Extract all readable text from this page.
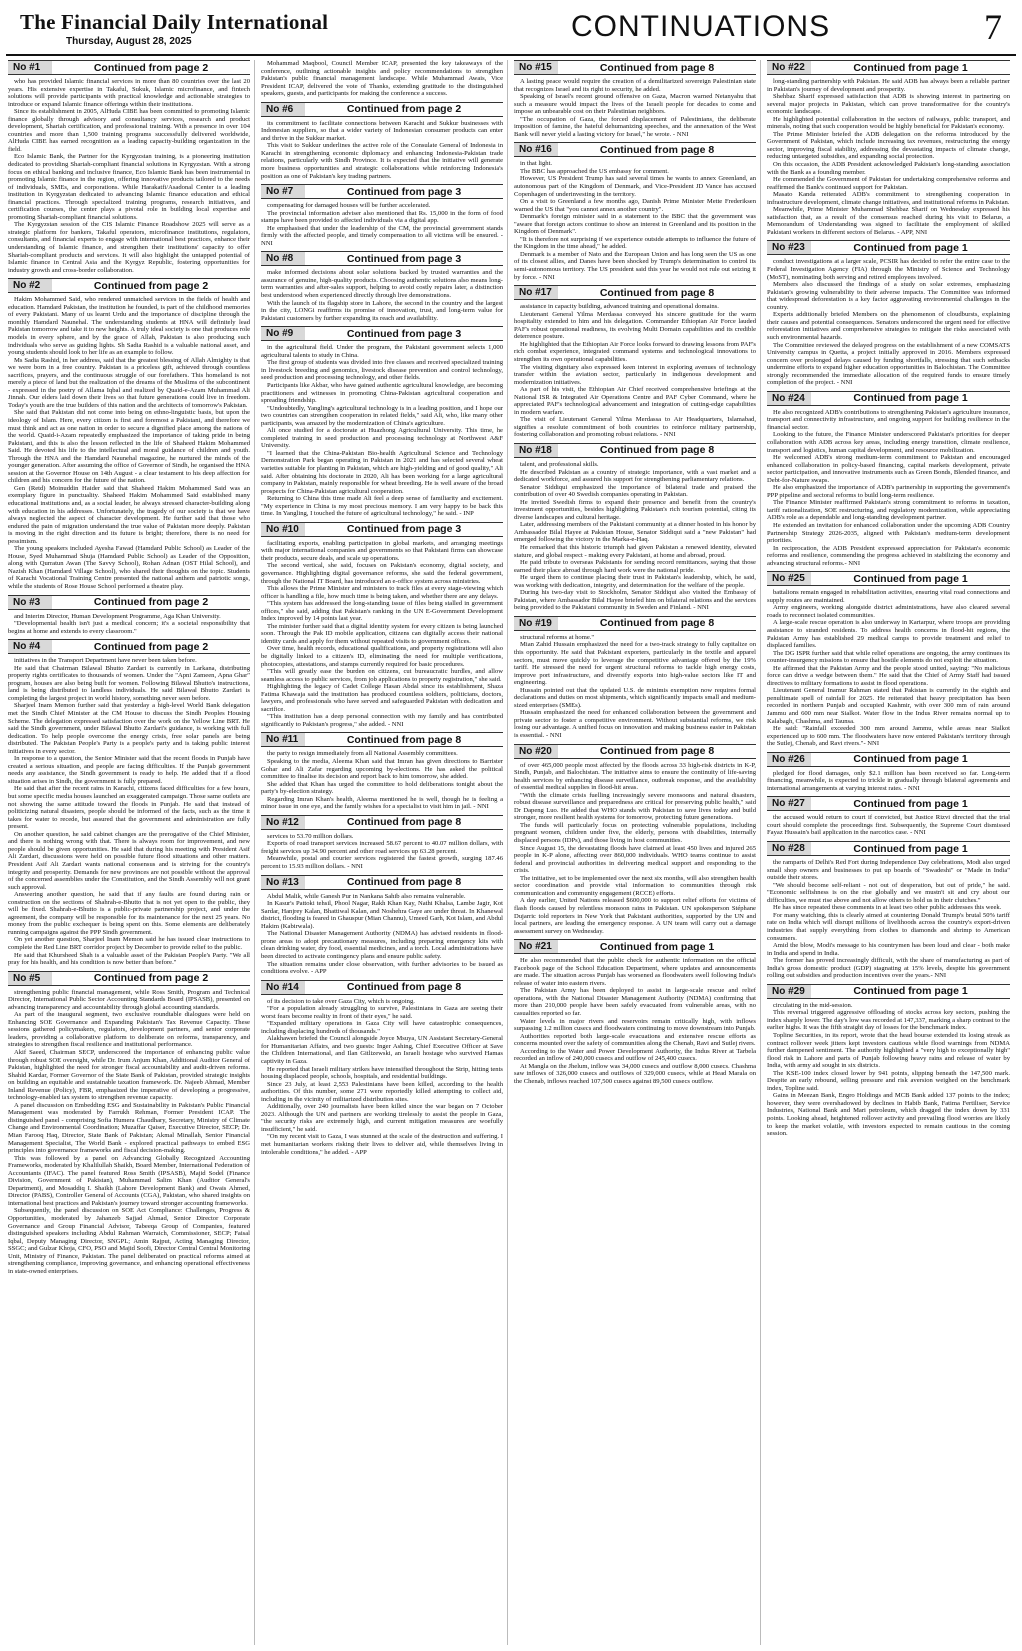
The Financial Daily International
Thursday, August 28, 2025	CONTINUATIONS	7
No #1	Continued from page 2

who has provided Islamic financial services in more than 80 countries over the last 20 years. His extensive expertise in Takaful, Sukuk, Islamic microfinance, and fintech solutions will provide participants with practical knowledge and actionable strategies to introduce or expand Islamic finance offerings within their institutions.

Since its establishment in 2005, AlHuda CIBE has been committed to promoting Islamic finance globally through advisory and consultancy services, research and product development, Shariah certification, and professional training. With a presence in over 104 countries and more than 1,500 training programs successfully delivered worldwide, AlHuda CIBE has earned recognition as a leading capacity-building organization in the field.

Eco Islamic Bank, the Partner for the Kyrgyzstan training, is a pioneering institution dedicated to providing Shariah-compliant financial solutions in Kyrgyzstan. With a strong focus on ethical banking and inclusive finance, Eco Islamic Bank has been instrumental in promoting Islamic finance in the region, offering innovative products tailored to the needs of individuals, SMEs, and corporations. While Harakatfi/Asadonal Center is a leading institution in Kyrgyzstan dedicated to advancing Islamic finance education and ethical financial practices. Through specialized training programs, research initiatives, and certification courses, the center plays a pivotal role in building local expertise and promoting Shariah-compliant financial solutions.

The Kyrgyzstan session of the CIS Islamic Finance Roadshow 2025 will serve as a strategic platform for bankers, Takaful operators, microfinance institutions, regulators, consultants, and financial experts to engage with international best practices, enhance their understanding of Islamic finance, and strengthen their institutions' capacity to offer Shariah-compliant products and services. It will also highlight the untapped potential of Islamic finance in Central Asia and the Kyrgyz Republic, fostering opportunities for industry growth and cross-border collaboration.

No #2	Continued from page 2

Hakim Mohammed Said, who rendered unmatched services in the fields of health and education. Hamdard Pakistan, the institution he founded, is part of the childhood memories of every Pakistani. Many of us learnt Urdu and the importance of discipline through the monthly Hamdard Naunehal. The understanding students at HNA will definitely lead Pakistan tomorrow and take it to new heights. A truly ideal society is one that produces role models in every sphere, and by the grace of Allah, Pakistan is also producing such individuals who serve as guiding lights. Sh Sadia Rashid is a valuable national asset, and young students should look to her life as an example to follow.

Ms Sadia Rashid, in her address, said that the greatest blessing of Allah Almighty is that we were born in a free country. Pakistan is a priceless gift, achieved through countless sacrifices, prayers, and the continuous struggle of our forefathers. This homeland is not merely a piece of land but the realization of the dreams of the Muslims of the subcontinent - expressed in the poetry of Allama Iqbal and realized by Quaid-e-Azam Muhammad Ali Jinnah. Our elders laid down their lives so that future generations could live in freedom. Today's youth are the true builders of this nation and the architects of tomorrow's Pakistan.

She said that Pakistan did not come into being on ethno-linguistic basis, but upon the ideology of Islam. Here, every citizen is first and foremost a Pakistani, and therefore we must think and act as one nation in order to secure a dignified place among the nations of the world. Quaid-i-Azam repeatedly emphasized the importance of taking pride in being Pakistani, and this is also the lesson reflected in the life of Shaheed Hakim Mohammed Said. He devoted his life to the intellectual and moral guidance of children and youth. Through the HNA and the Hamdard Naunehal magazine, he nurtured the minds of the younger generation. After assuming the office of Governor of Sindh, he organised the HNA session at the Governor House on 14th August - a clear testament to his deep affection for children and his concern for the future of the nation.

Gen (Retd) Moinuddin Haider said that Shaheed Hakim Mohammed Said was an exemplary figure in punctuality. Shaheed Hakim Mohammed Said established many educational institutions and, as a social leader, he always stressed character-building along with education in his addresses. Unfortunately, the tragedy of our society is that we have always neglected the aspect of character development. He further said that those who endured the pain of migration understand the true value of Pakistan more deeply. Pakistan is moving in the right direction and its future is bright; therefore, there is no need for pessimism.

The young speakers included Ayesha Fawad (Hamdard Public School) as Leader of the House, Syed Muhammad Shuja (Hamdard Public School) as Leader of the Opposition, along with Qurratun Awan (The Savvy School), Rohan Adnan (OST Hilal School), and Nazish Khan (Hamdard Village School), who shared their thoughts on the topic. Students of Karachi Vocational Training Centre presented the national anthem and patriotic songs, while the students of Rose House School performed a theatre play.

No #3	Continued from page 2

and Interim Director, Human Development Programme, Aga Khan University.

"Developmental health isn't just a medical concern; it's a societal responsibility that begins at home and extends to every classroom."

No #4	Continued from page 2

initiatives in the Transport Department have never been taken before.

He said that Chairman Bilawal Bhutto Zardari is currently in Larkana, distributing property rights certificates to thousands of women. Under the "Apni Zameen, Apna Ghar" program, houses are also being built for women. Following Bilawal Bhutto's instructions, land is being distributed to landless individuals. He said Bilawal Bhutto Zardari is completing the largest project in world history, something never seen before.

Sharjeel Inam Memon further said that yesterday a high-level World Bank delegation met the Sindh Chief Minister at the CM House to discuss the Sindh Peoples Housing Scheme. The delegation expressed satisfaction over the work on the Yellow Line BRT. He said the Sindh government, under Bilawal Bhutto Zardari's guidance, is working with full dedication. To help people overcome the energy crisis, free solar panels are being distributed. The Pakistan People's Party is a people's party and is taking public interest initiatives in every sector.

In response to a question, the Senior Minister said that the recent floods in Punjab have created a serious situation, and people are facing difficulties. If the Punjab government needs any assistance, the Sindh government is ready to help. He added that if a flood situation arises in Sindh, the government is fully prepared.

He said that after the recent rains in Karachi, citizens faced difficulties for a few hours, but some specific media houses launched an exaggerated campaign. Those same outlets are not showing the same attitude toward the floods in Punjab. He said that instead of politicizing natural disasters, people should be informed of the facts, such as the time it takes for water to recede, but assured that the government and administration are fully present.

On another question, he said cabinet changes are the prerogative of the Chief Minister, and there is nothing wrong with that. There is always room for improvement, and new people should be given opportunities. He said that during his meeting with President Asif Ali Zardari, discussions were held on possible future flood situations and other matters. President Asif Ali Zardari wants national consensus and is striving for the country's integrity and prosperity. Demands for new provinces are not possible without the approval of the concerned assemblies under the Constitution, and the Sindh Assembly will not grant such approval.

Answering another question, he said that if any faults are found during rain or construction on the sections of Shahrah-e-Bhutto that is not yet open to the public, they will be fixed. Shahrah-e-Bhutto is a public-private partnership project, and under the agreement, the company will be responsible for its maintenance for the next 25 years. No money from the public exchequer is being spent on this. Some elements are deliberately running campaigns against the PPP Sindh government.

On yet another question, Sharjeel Inam Memon said he has issued clear instructions to complete the Red Line BRT corridor project by December to provide relief to the public.

He said that Khursheed Shah is a valuable asset of the Pakistan People's Party. "We all pray for his health, and his condition is now better than before."

No #5	Continued from page 2

strengthening public financial management, while Ross Smith, Program and Technical Director, International Public Sector Accounting Standards Board (IPSASB), presented on advancing transparency and accountability through global accounting standards.

As part of the inaugural segment, two exclusive roundtable dialogues were held on Enhancing SOE Governance and Expanding Pakistan's Tax Revenue Capacity. These sessions gathered policymakers, regulators, development partners, and senior corporate leaders, providing a collaborative platform to deliberate on reforms, transparency, and strategies to strengthen fiscal resilience and institutional performance.

Akif Saeed, Chairman SECP, underscored the importance of enhancing public value through robust SOE oversight, while Dr. Irum Anjum Khan, Additional Auditor General of Pakistan, highlighted the need for stronger fiscal accountability and audit-driven reforms. Shahid Kardar, Former Governor of the State Bank of Pakistan, provided strategic insights on building an equitable and sustainable taxation framework. Dr. Najeeb Ahmad, Member Inland Revenue (Policy), FBR, emphasized the imperative of developing a progressive, technology-enabled tax system to strengthen revenue capacity.

A panel discussion on Embedding ESG and Sustainability in Pakistan's Public Financial Management was moderated by Farrukh Rehman, Former President ICAP. The distinguished panel - comprising Sofia Humera Chaudhary, Secretary, Ministry of Climate Change and Environmental Coordination; Muzaffar Qaiser, Executive Director, SECP; Dr. Mian Farooq Haq, Director, State Bank of Pakistan; Akmal Minallah, Senior Financial Management Specialist, The World Bank - explored practical pathways to embed ESG principles into governance frameworks and fiscal decision-making.

This was followed by a panel on Advancing Globally Recognized Accounting Frameworks, moderated by Khalilullah Shaikh, Board Member, International Federation of Accountants (IFAC). The panel featured Ross Smith (IPSASB), Majid Sodel (Finance Division, Government of Pakistan), Muhammad Salim Khan (Auditor General's Department), and Mosaddiq I. Shaikh (Lahore Development Bank) and Owais Ahmed, Director (PABS), Controller General of Accounts (CGA), Pakistan, who shared insights on international best practices and Pakistan's journey toward stronger accounting frameworks.

Subsequently, the panel discussion on SOE Act Compliance: Challenges, Progress & Opportunities, moderated by Jahanzeb Sajjad Ahmad, Senior Director Corporate Governance and Group Financial Advisor, Tabeeqa Group of Companies, featured distinguished speakers including Abdul Rahman Warraich, Commissioner, SECP; Faisal Iqbal, Deputy Managing Director, SNGPL; Amin Rajput, Acting Managing Director, SSGC; and Gulzar Khoja, CFO, PSO and Majid Soofi, Director Central Central Monitoring Unit, Ministry of Finance, Pakistan. The panel deliberated on practical reforms aimed at strengthening compliance, improving governance, and enhancing operational effectiveness in state-owned enterprises.

Mohammad Maqbool, Council Member ICAP, presented the key takeaways of the conference, outlining actionable insights and policy recommendations to strengthen Pakistan's public financial management landscape. While Muhammad Awais, Vice President ICAP, delivered the vote of Thanks, extending gratitude to the distinguished speakers, guests, and participants for making the conference a success.

No #6	Continued from page 2

its commitment to facilitate connections between Karachi and Sukkur businesses with Indonesian suppliers, so that a wider variety of Indonesian consumer products can enter and thrive in the Sukkur market.

This visit to Sukkur underlines the active role of the Consulate General of Indonesia in Karachi in strengthening economic diplomacy and enhancing Indonesia-Pakistan trade relations, particularly with Sindh Province. It is expected that the initiative will generate more business opportunities and strategic collaborations while reinforcing Indonesia's position as one of Pakistan's key trading partners.

No #7	Continued from page 3

compensating for damaged houses will be further accelerated.

The provincial information adviser also mentioned that Rs. 15,000 in the form of food stamps have been provided to affected individuals via a digital app.

He emphasised that under the leadership of the CM, the provincial government stands firmly with the affected people, and timely compensation to all victims will be ensured. - NNI

No #8	Continued from page 3

make informed decisions about solar solutions backed by trusted warranties and the assurance of genuine, high-quality products. Choosing authentic solutions also means long-term warranties and after-sales support, helping to avoid costly repairs later, a distinction best understood when experienced directly through live demonstrations.

With the launch of its flagship store in Lahore, the second in the country and the largest in the city, LONGi reaffirms its promise of innovation, trust, and long-term value for Pakistani customers by further expanding its reach and availability.

No #9	Continued from page 3

in the agricultural field. Under the program, the Pakistani government selects 1,000 agricultural talents to study in China.

The first group of students was divided into five classes and received specialized training in livestock breeding and genomics, livestock disease prevention and control technology, seed production and processing technology, and other fields.

Participants like Akbar, who have gained authentic agricultural knowledge, are becoming practitioners and witnesses in promoting China-Pakistan agricultural cooperation and spreading friendship.

"Undoubtedly, Yangling's agricultural technology is in a leading position, and I hope our two countries can strengthen cooperation in related fields," said Ali, who, like many other participants, was amazed by the modernization of China's agriculture.

Ali once studied for a doctorate at Huazhong Agricultural University. This time, he completed training in seed production and processing technology at Northwest A&F University.

"I learned that the China-Pakistan Bio-health Agricultural Science and Technology Demonstration Park began operating in Pakistan in 2021 and has selected several wheat varieties suitable for planting in Pakistan, which are high-yielding and of good quality," Ali said. After obtaining his doctorate in 2020, Ali has been working for a large agricultural company in Pakistan, mainly responsible for wheat breeding. He is well aware of the broad prospects for China-Pakistan agricultural cooperation.

Returning to China this time made Ali feel a deep sense of familiarity and excitement. "My experience in China is my most precious memory. I am very happy to be back this time. In Yangling, I touched the future of agricultural technology," he said. - INP

No #10	Continued from page 3

facilitating exports, enabling participation in global markets, and arranging meetings with major international companies and governments so that Pakistani firms can showcase their products, secure deals, and scale up operations.

The second vertical, she said, focuses on Pakistan's economy, digital society, and governance. Highlighting digital governance reforms, she said the federal government, through the National IT Board, has introduced an e-office system across ministries.

This allows the Prime Minister and ministers to track files at every stage-viewing which officer is handling a file, how much time is being taken, and whether there are any delays.

"This system has addressed the long-standing issue of files being stalled in government offices," she said, adding that Pakistan's ranking in the UN E-Government Development Index improved by 14 points last year.

The minister further said that a digital identity system for every citizen is being launched soon. Through the Pak ID mobile application, citizens can digitally access their national identity cards and apply for them without repeated visits to government offices.

Over time, health records, educational qualifications, and property registrations will also be digitally linked to a citizen's ID, eliminating the need for multiple verifications, photocopies, attestations, and stamps currently required for basic procedures.

"This will greatly ease the burden on citizens, cut bureaucratic hurdles, and allow seamless access to public services, from job applications to property registration," she said.

Highlighting the legacy of Cadet College Hasan Abdal since its establishment, Shaza Fatima Khawaja said the institution has produced countless soldiers, politicians, doctors, lawyers, and professionals who have served and safeguarded Pakistan with dedication and sacrifice.

"This institution has a deep personal connection with my family and has contributed significantly to Pakistan's progress," she added. - NNI

No #11	Continued from page 8

the party to resign immediately from all National Assembly committees.

Speaking to the media, Aleema Khan said that Imran has given directions to Barrister Gohar and Ali Zafar regarding upcoming by-elections. He has asked the political committee to finalise its decision and report back to him tomorrow, she added.

She added that Khan has urged the committee to hold deliberations tonight about the party's by-election strategy.

Regarding Imran Khan's health, Aleema mentioned he is well, though he is feeling a minor issue in one eye, and the family wishes for a specialist to visit him in jail. - NNI

No #12	Continued from page 8

services to 53.70 million dollars.

Exports of road transport services increased 58.67 percent to 40.07 million dollars, with freight services up 34.90 percent and other road services up 63.28 percent.

Meanwhile, postal and courier services registered the fastest growth, surging 187.46 percent to 15.93 million dollars. - NNI

No #13	Continued from page 8

Abdul Malik, while Ganesh Pur in Nankana Sahib also remains vulnerable.

In Kasur's Pattoki tehsil, Phool Nagar, Rakh Khan Kay, Nathi Khalsa, Lambe Jagir, Kot Sardar, Hanjrey Kalan, Bhattiwal Kalan, and Noshehra Gaye are under threat. In Khanewal district, flooding is feared in Ghauspur (Mian Channu), Umeed Garh, Kot Islam, and Abdul Hakim (Kabirwala).

The National Disaster Management Authority (NDMA) has advised residents in flood-prone areas to adopt precautionary measures, including preparing emergency kits with clean drinking water, dry food, essential medicines, and a torch. Local administrations have been directed to activate contingency plans and ensure public safety.

The situation remains under close observation, with further advisories to be issued as conditions evolve. - APP

No #14	Continued from page 8

of its decision to take over Gaza City, which is ongoing.

"For a population already struggling to survive, Palestinians in Gaza are seeing their worst fears become reality in front of their eyes," he said.

"Expanded military operations in Gaza City will have catastrophic consequences, including displacing hundreds of thousands."

Alakhawen briefed the Council alongside Joyce Msuya, UN Assistant Secretary-General for Humanitarian Affairs, and two guests: Inger Ashing, Chief Executive Officer at Save the Children International, and Ilan Gitlizewski, an Israeli hostage who survived Hamas captivity in Gaza.

He reported that Israeli military strikes have intensified throughout the Strip, hitting tents housing displaced people, schools, hospitals, and residential buildings.

Since 23 July, at least 2,553 Palestinians have been killed, according to the health authorities. Of this number, some 271 were reportedly killed attempting to collect aid, including in the vicinity of militarized distribution sites.

Additionally, over 240 journalists have been killed since the war began on 7 October 2023. Although the UN and partners are working tirelessly to assist the people in Gaza, "the security risks are extremely high, and current mitigation measures are woefully insufficient," he said.

"On my recent visit to Gaza, I was stunned at the scale of the destruction and suffering. I met humanitarian workers risking their lives to deliver aid, while themselves living in intolerable conditions," he added. - APP

No #15	Continued from page 8

A lasting peace would require the creation of a demilitarized sovereign Palestinian state that recognizes Israel and its right to security, he added.

Speaking of Israel's recent ground offensive on Gaza, Macron warned Netanyahu that such a measure would impact the lives of the Israeli people for decades to come and impose an unbearable cost on their Palestinian neighbors.

"The occupation of Gaza, the forced displacement of Palestinians, the deliberate imposition of famine, the hateful dehumanizing speeches, and the annexation of the West Bank will never yield a lasting victory for Israel," he wrote. - NNI

No #16	Continued from page 8

in that light.

The BBC has approached the US embassy for comment.

However, US President Trump has said several times he wants to annex Greenland, an autonomous part of the Kingdom of Denmark, and Vice-President JD Vance has accused Copenhagen of underinvesting in the territory.

On a visit to Greenland a few months ago, Danish Prime Minister Mette Frederiksen warned the US that "you cannot annex another country".

Denmark's foreign minister said in a statement to the BBC that the government was "aware that foreign actors continue to show an interest in Greenland and its position in the Kingdom of Denmark".

"It is therefore not surprising if we experience outside attempts to influence the future of the Kingdom in the time ahead," he added.

Denmark is a member of Nato and the European Union and has long seen the US as one of its closest allies, and Danes have been shocked by Trump's determination to control its semi-autonomous territory. The US president said this year he would not rule out seizing it by force. - NNI

No #17	Continued from page 8

assistance in capacity building, advanced training and operational domains.

Lieutenant General Yilma Merdassa conveyed his sincere gratitude for the warm hospitality extended to him and his delegation. Commander Ethiopian Air Force lauded PAF's robust operational readiness, its evolving Multi Domain capabilities and its credible deterrence posture.

He highlighted that the Ethiopian Air Force looks forward to drawing lessons from PAF's rich combat experience, integrated command systems and technological innovations to strengthen its own operational capabilities.

The visiting dignitary also expressed keen interest in exploring avenues of technology transfer within the aviation sector, particularly in indigenous development and modernization initiatives.

As part of his visit, the Ethiopian Air Chief received comprehensive briefings at the National ISR & Integrated Air Operations Centre and PAF Cyber Command, where he appreciated PAF's technological advancement and integration of cutting-edge capabilities in modern warfare.

The visit of Lieutenant General Yilma Merdassa to Air Headquarters, Islamabad, signifies a resolute commitment of both countries to reinforce military partnership, fostering collaboration and promoting robust relations. - NNI

No #18	Continued from page 8

talent, and professional skills.

He described Pakistan as a country of strategic importance, with a vast market and a dedicated workforce, and assured his support for strengthening parliamentary relations.

Senator Siddiqui emphasized the importance of bilateral trade and praised the contribution of over 40 Swedish companies operating in Pakistan.

He invited Swedish firms to expand their presence and benefit from the country's investment opportunities, besides highlighting Pakistan's rich tourism potential, citing its diverse landscapes and cultural heritage.

Later, addressing members of the Pakistani community at a dinner hosted in his honor by Ambassador Bilal Hayee at Pakistan House, Senator Siddiqui said a "new Pakistan" had emerged following the victory in the Marka-e-Haq.

He remarked that this historic triumph had given Pakistan a renewed identity, elevated stature, and global respect - making every Pakistani, at home and abroad, proud.

He paid tribute to overseas Pakistanis for sending record remittances, saying that those earned their place abroad through hard work were the national pride.

He urged them to continue placing their trust in Pakistan's leadership, which, he said, was working with dedication, integrity, and determination for the welfare of the people.

During his two-day visit to Stockholm, Senator Siddiqui also visited the Embassy of Pakistan, where Ambassador Bilal Hayee briefed him on bilateral relations and the services being provided to the Pakistani community in Sweden and Finland. - NNI

No #19	Continued from page 8

structural reforms at home."

Mian Zahid Hussain emphasized the need for a two-track strategy to fully capitalize on this opportunity. He said that Pakistani exporters, particularly in the textile and apparel sectors, must move quickly to leverage the competitive advantage offered by the 19% tariff. He stressed the need for urgent structural reforms to tackle high energy costs, improve port infrastructure, and diversify exports into high-value sectors like IT and engineering.

Hussain pointed out that the updated U.S. de minimis exemption now requires formal declarations and duties on most shipments, which significantly impacts small and medium-sized enterprises (SMEs).

Hussain emphasized the need for enhanced collaboration between the government and private sector to foster a competitive environment. Without substantial reforms, we risk losing our advantage. A unified focus on innovation and making business easier in Pakistan is essential. - NNI

No #20	Continued from page 8

of over 465,000 people most affected by the floods across 33 high-risk districts in K-P, Sindh, Punjab, and Balochistan. The initiative aims to ensure the continuity of life-saving health services by enhancing disease surveillance, outbreak response, and the availability of essential medical supplies in flood-hit areas.

"With the climate crisis fuelling increasingly severe monsoons and natural disasters, robust disease surveillance and preparedness are critical for preserving public health," said Dr Dapeng Luo. He added that WHO stands with Pakistan to save lives today and build stronger, more resilient health systems for tomorrow, protecting future generations.

The funds will particularly focus on protecting vulnerable populations, including pregnant women, children under five, the elderly, persons with disabilities, internally displaced persons (IDPs), and those living in host communities.

Since August 15, the devastating floods have claimed at least 450 lives and injured 265 people in K-P alone, affecting over 860,000 individuals. WHO teams continue to assist federal and provincial authorities in delivering medical support and responding to the crisis.

The initiative, set to be implemented over the next six months, will also strengthen health sector coordination and provide vital information to communities through risk communication and community engagement (RCCE) efforts.

A day earlier, United Nations released $600,000 to support relief efforts for victims of flash floods caused by relentless monsoon rains in Pakistan. UN spokesperson Stéphane Dujarric told reporters in New York that Pakistani authorities, supported by the UN and local partners, are leading the emergency response. A UN team will carry out a damage assessment survey on Wednesday.

No #21	Continued from page 1

He also recommended that the public check for authentic information on the official Facebook page of the School Education Department, where updates and announcements are made. The situation across Punjab has worsened as floodwaters swell following India's release of water into eastern rivers.

The Pakistan Army has been deployed to assist in large-scale rescue and relief operations, with the National Disaster Management Authority (NDMA) confirming that more than 210,000 people have been safely evacuated from vulnerable areas, with no casualties reported so far.

Water levels in major rivers and reservoirs remain critically high, with inflows surpassing 1.2 million cusecs and floodwaters continuing to move downstream into Punjab.

Authorities reported both large-scale evacuations and extensive rescue efforts as concerns mounted over the safety of communities along the Chenab, Ravi and Sutlej rivers.

According to the Water and Power Development Authority, the Indus River at Tarbela recorded an inflow of 240,000 cusecs and outflow of 245,400 cusecs.

At Mangla on the Jhelum, inflow was 34,000 cusecs and outflow 8,000 cusecs. Chashma saw inflows of 326,000 cusecs and outflows of 329,000 cusecs, while at Head Marala on the Chenab, inflows reached 107,500 cusecs against 89,500 cusecs outflow.

No #22	Continued from page 1

long-standing partnership with Pakistan. He said ADB has always been a reliable partner in Pakistan's journey of development and prosperity.

Shehbaz Sharif expressed satisfaction that ADB is showing interest in partnering on several major projects in Pakistan, which can prove transformative for the country's economic landscape.

He highlighted potential collaboration in the sectors of railways, public transport, and minerals, noting that such cooperation would be highly beneficial for Pakistan's economy.

The Prime Minister briefed the ADB delegation on the reforms introduced by the Government of Pakistan, which include increasing tax revenues, restructuring the energy sector, improving fiscal stability, addressing the devastating impacts of climate change, reducing untargeted subsidies, and expanding social protection.

On this occasion, the ADB President acknowledged Pakistan's long-standing association with the Bank as a founding member.

He commended the Government of Pakistan for undertaking comprehensive reforms and reaffirmed the Bank's continued support for Pakistan.

Masato Kanda reiterated ADB's commitment to strengthening cooperation in infrastructure development, climate change initiatives, and institutional reforms in Pakistan.

Meanwhile, Prime Minister Muhammad Shehbaz Sharif on Wednesday expressed his satisfaction that, as a result of the consensus reached during his visit to Belarus, a Memorandum of Understanding was signed to facilitate the employment of skilled Pakistani workers in different sectors of Belarus. - APP, NNI

No #23	Continued from page 1

conduct investigations at a larger scale, PCSIR has decided to refer the entire case to the Federal Investigation Agency (FIA) through the Ministry of Science and Technology (MoST), nominating both serving and retired employees involved.

Members also discussed the findings of a study on solar extremes, emphasizing Pakistan's growing vulnerability to their adverse impacts. The Committee was informed that widespread deforestation is a key factor aggravating environmental challenges in the country.

Experts additionally briefed Members on the phenomenon of cloudbursts, explaining their causes and potential consequences. Senators underscored the urgent need for effective reforestation initiatives and comprehensive strategies to mitigate the risks associated with such environmental hazards.

The Committee reviewed the delayed progress on the establishment of a new COMSATS University campus in Quetta, a project initially approved in 2016. Members expressed concern over prolonged delays caused by funding shortfalls, stressing that such setbacks undermine efforts to expand higher education opportunities in Balochistan. The Committee strongly recommended the immediate allocation of the required funds to ensure timely completion of the project. - NNI

No #24	Continued from page 1

He also recognized ADB's contributions to strengthening Pakistan's agriculture insurance, transport and connectivity infrastructure, and ongoing support for building resilience in the financial sector.

Looking to the future, the Finance Minister underscored Pakistan's priorities for deeper collaboration with ADB across key areas, including energy transition, climate resilience, transport and logistics, human capital development, and resource mobilization.

He welcomed ADB's strong medium-term commitment to Pakistan and encouraged enhanced collaboration in policy-based financing, capital markets development, private sector participation, and innovative instruments such as Green Bonds, Blended finance, and Debt-for-Nature swaps.

He also emphasized the importance of ADB's partnership in supporting the government's PPP pipeline and sectoral reforms to build long-term resilience.

The Finance Minister reaffirmed Pakistan's strong commitment to reforms in taxation, tariff rationalization, SOE restructuring, and regulatory modernization, while appreciating ADB's role as a dependable and long-standing development partner.

He extended an invitation for enhanced collaboration under the upcoming ADB Country Partnership Strategy 2026-2035, aligned with Pakistan's medium-term development priorities.

In reciprocation, the ADB President expressed appreciation for Pakistan's economic reforms and resilience, commending the progress achieved in stabilizing the economy and advancing structural reforms.- NNI

No #25	Continued from page 1

battalions remain engaged in rehabilitation activities, ensuring vital road connections and supply routes are maintained.

Army engineers, working alongside district administrations, have also cleared several roads to reconnect isolated communities.

A large-scale rescue operation is also underway in Kartarpur, where troops are providing assistance to stranded residents. To address health concerns in flood-hit regions, the Pakistan Army has established 29 medical camps to provide treatment and relief to displaced families.

The DG ISPR further said that while relief operations are ongoing, the army continues its counter-insurgency missions to ensure that hostile elements do not exploit the situation.

He affirmed that the Pakistan Army and the people stood united, saying: "No malicious force can drive a wedge between them." He said that the Chief of Army Staff had issued directives to military formations to assist in flood operations.

Lieutenant General Inamur Rahman stated that Pakistan is currently in the eighth and penultimate spell of rainfall for 2025. He reiterated that heavy precipitation has been recorded in northern Punjab and occupied Kashmir, with over 300 mm of rain around Jammu and 600 mm near Sialkot. Water flow in the Indus River remains normal up to Kalabagh, Chashma, and Taunsa.

He said: "Rainfall exceeded 300 mm around Jammu, while areas near Sialkot experienced up to 600 mm. The floodwaters have now entered Pakistan's territory through the Sutlej, Chenab, and Ravi rivers."- NNI

No #26	Continued from page 1

pledged for flood damages, only $2.1 million has been received so far. Long-term financing, meanwhile, is expected to trickle in gradually through bilateral agreements and international arrangements at varying interest rates. - NNI

No #27	Continued from page 1

the accused would return to court if convicted, but Justice Rizvi directed that the trial court should complete the proceedings first. Subsequently, the Supreme Court dismissed Fayaz Hussain's bail application in the narcotics case. - NNI

No #28	Continued from page 1

the ramparts of Delhi's Red Fort during Independence Day celebrations, Modi also urged small shop owners and businesses to put up boards of "Swadeshi" or "Made in India" outside their stores.

"We should become self-reliant - not out of desperation, but out of pride," he said. "Economic selfishness is on the rise globally and we mustn't sit and cry about our difficulties, we must rise above and not allow others to hold us in their clutches."

He has since repeated these comments in at least two other public addresses this week.

For many watching, this is clearly aimed at countering Donald Trump's brutal 50% tariff rate on India which will disrupt millions of livelihoods across the country's export-driven industries that supply everything from clothes to diamonds and shrimp to American consumers.

Amid the blow, Modi's message to his countrymen has been loud and clear - both make in India and spend in India.

The former has proved increasingly difficult, with the share of manufacturing as part of India's gross domestic product (GDP) stagnating at 15% levels, despite his government rolling out subsidies and production incentives over the years.- NNI

No #29	Continued from page 1

circulating in the mid-session.

This reversal triggered aggressive offloading of stocks across key sectors, pushing the index sharply lower. The day's low was recorded at 147,337, marking a sharp contrast to the earlier highs. It was the fifth straight day of losses for the benchmark index.

Topline Securities, in its report, wrote that the head bourse extended its losing streak as contract rollover week jitters kept investors cautious while flood warnings from NDMA further dampened sentiment. The authority highlighted a "very high to exceptionally high" flood risk in Lahore and parts of Punjab following heavy rains and release of water by India, with army aid sought in six districts.

The KSE-100 index closed lower by 941 points, slipping beneath the 147,500 mark. Despite an early rebound, selling pressure and risk aversion weighed on the benchmark index, Topline said.

Gains in Meezan Bank, Engro Holdings and MCB Bank added 137 points to the index; however, they were overshadowed by declines in Habib Bank, Fatima Fertiliser, Service Industries, National Bank and Mari petroleum, which dragged the index down by 331 points. Looking ahead, heightened rollover activity and prevailing flood worries are likely to keep the market volatile, with investors expected to remain cautious in the coming session.
